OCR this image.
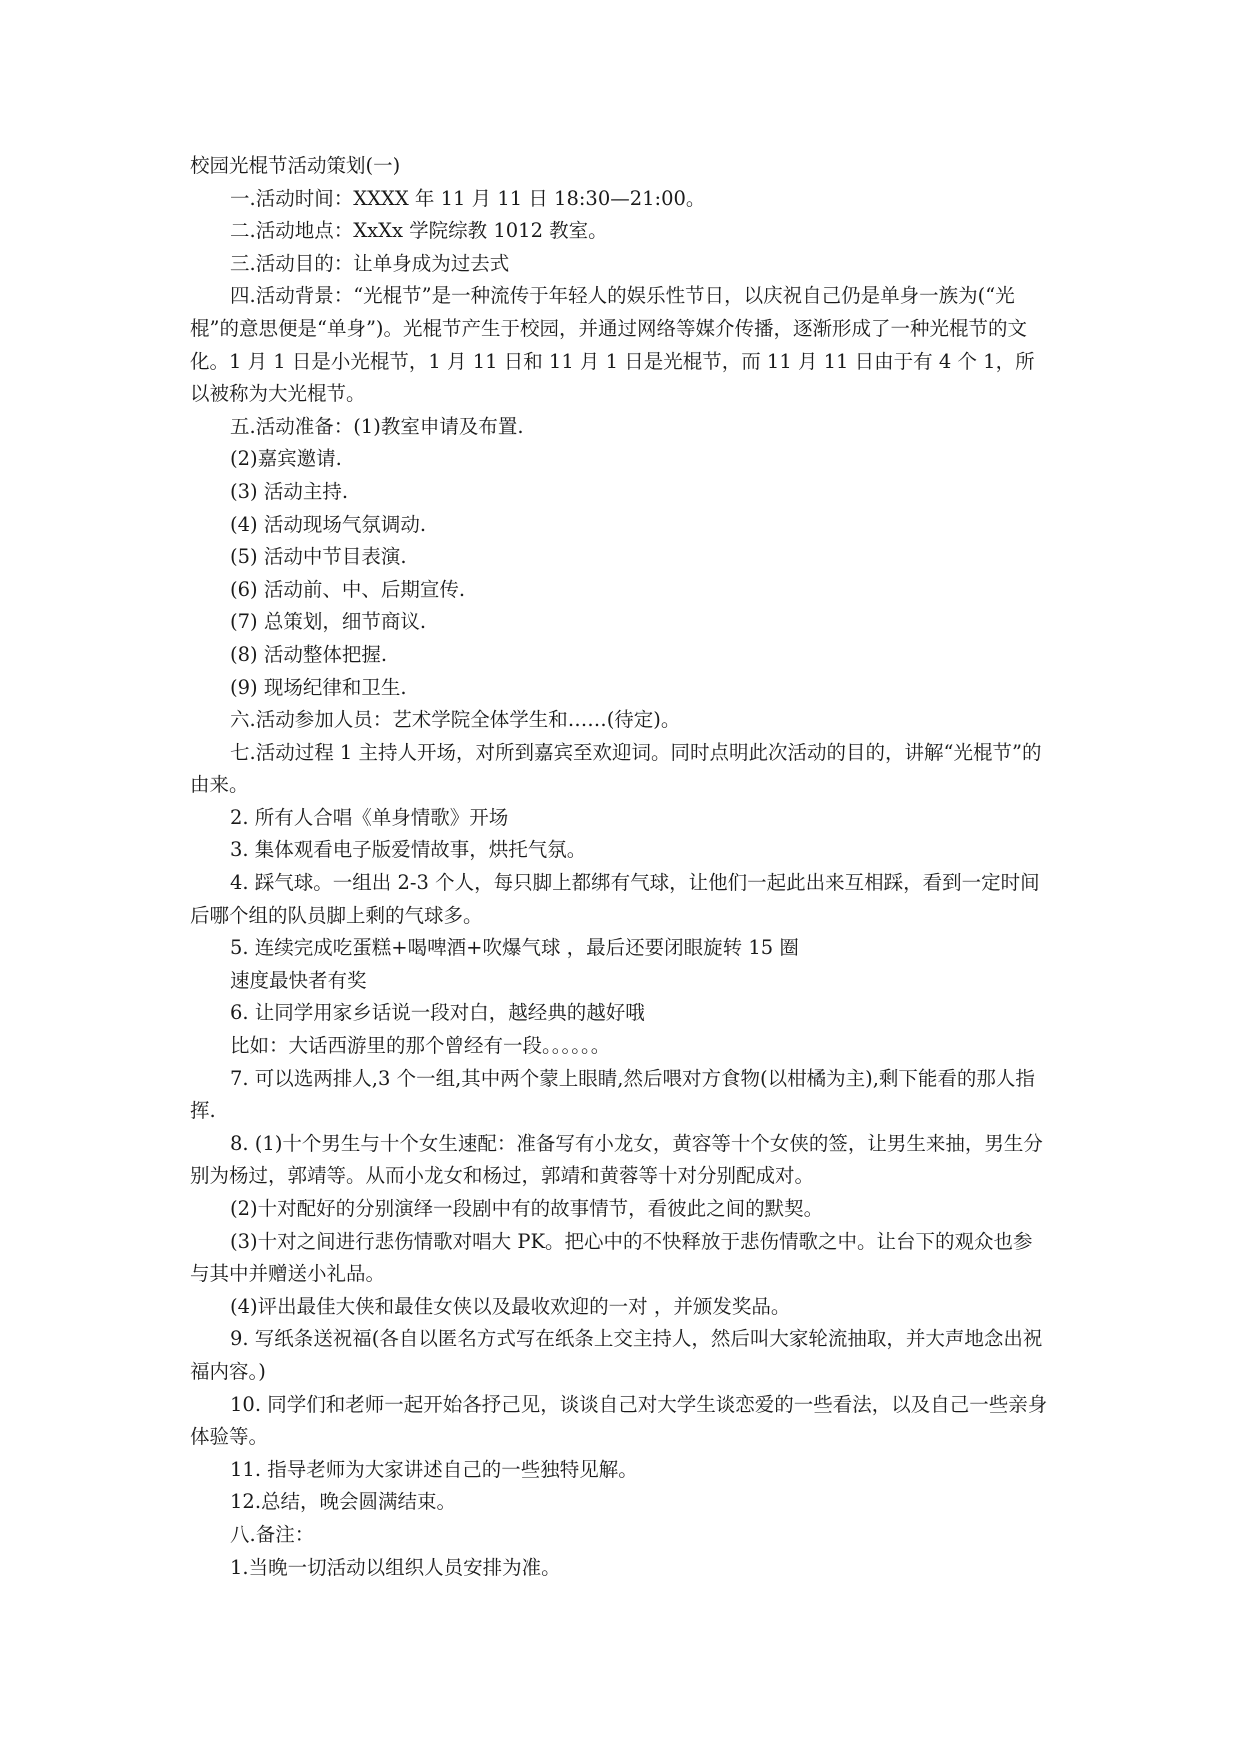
校园光棍节活动策划(一)

一.活动时间：XXXX 年 11 月 11 日 18:30—21:00。

二.活动地点：XxXx 学院综教 1012 教室。

三.活动目的：让单身成为过去式

四.活动背景：“光棍节”是一种流传于年轻人的娱乐性节日，以庆祝自己仍是单身一族为(“光棍”的意思便是“单身”)。光棍节产生于校园，并通过网络等媒介传播，逐渐形成了一种光棍节的文化。1 月 1 日是小光棍节，1 月 11 日和 11 月 1 日是光棍节，而 11 月 11 日由于有 4 个 1，所以被称为大光棍节。

五.活动准备：(1)教室申请及布置.

(2)嘉宾邀请.

(3) 活动主持.

(4) 活动现场气氛调动.

(5) 活动中节目表演.

(6) 活动前、中、后期宣传.

(7) 总策划，细节商议.

(8) 活动整体把握.

(9) 现场纪律和卫生.

六.活动参加人员：艺术学院全体学生和……(待定)。

七.活动过程 1 主持人开场，对所到嘉宾至欢迎词。同时点明此次活动的目的，讲解“光棍节”的由来。

2. 所有人合唱《单身情歌》开场

3. 集体观看电子版爱情故事，烘托气氛。

4. 踩气球。一组出 2-3 个人，每只脚上都绑有气球，让他们一起此出来互相踩，看到一定时间后哪个组的队员脚上剩的气球多。

5. 连续完成吃蛋糕+喝啤酒+吹爆气球 ，最后还要闭眼旋转 15 圈

速度最快者有奖

6. 让同学用家乡话说一段对白，越经典的越好哦

比如：大话西游里的那个曾经有一段。。。。。。

7. 可以选两排人,3 个一组,其中两个蒙上眼睛,然后喂对方食物(以柑橘为主),剩下能看的那人指挥.

8. (1)十个男生与十个女生速配：准备写有小龙女，黄容等十个女侠的签，让男生来抽，男生分别为杨过，郭靖等。从而小龙女和杨过，郭靖和黄蓉等十对分别配成对。

(2)十对配好的分别演绎一段剧中有的故事情节，看彼此之间的默契。

(3)十对之间进行悲伤情歌对唱大 PK。把心中的不快释放于悲伤情歌之中。让台下的观众也参与其中并赠送小礼品。

(4)评出最佳大侠和最佳女侠以及最收欢迎的一对 ，并颁发奖品。

9. 写纸条送祝福(各自以匿名方式写在纸条上交主持人，然后叫大家轮流抽取，并大声地念出祝福内容。)

10. 同学们和老师一起开始各抒己见，谈谈自己对大学生谈恋爱的一些看法，以及自己一些亲身体验等。

11. 指导老师为大家讲述自己的一些独特见解。

12.总结，晚会圆满结束。

八.备注：

1.当晚一切活动以组织人员安排为准。
